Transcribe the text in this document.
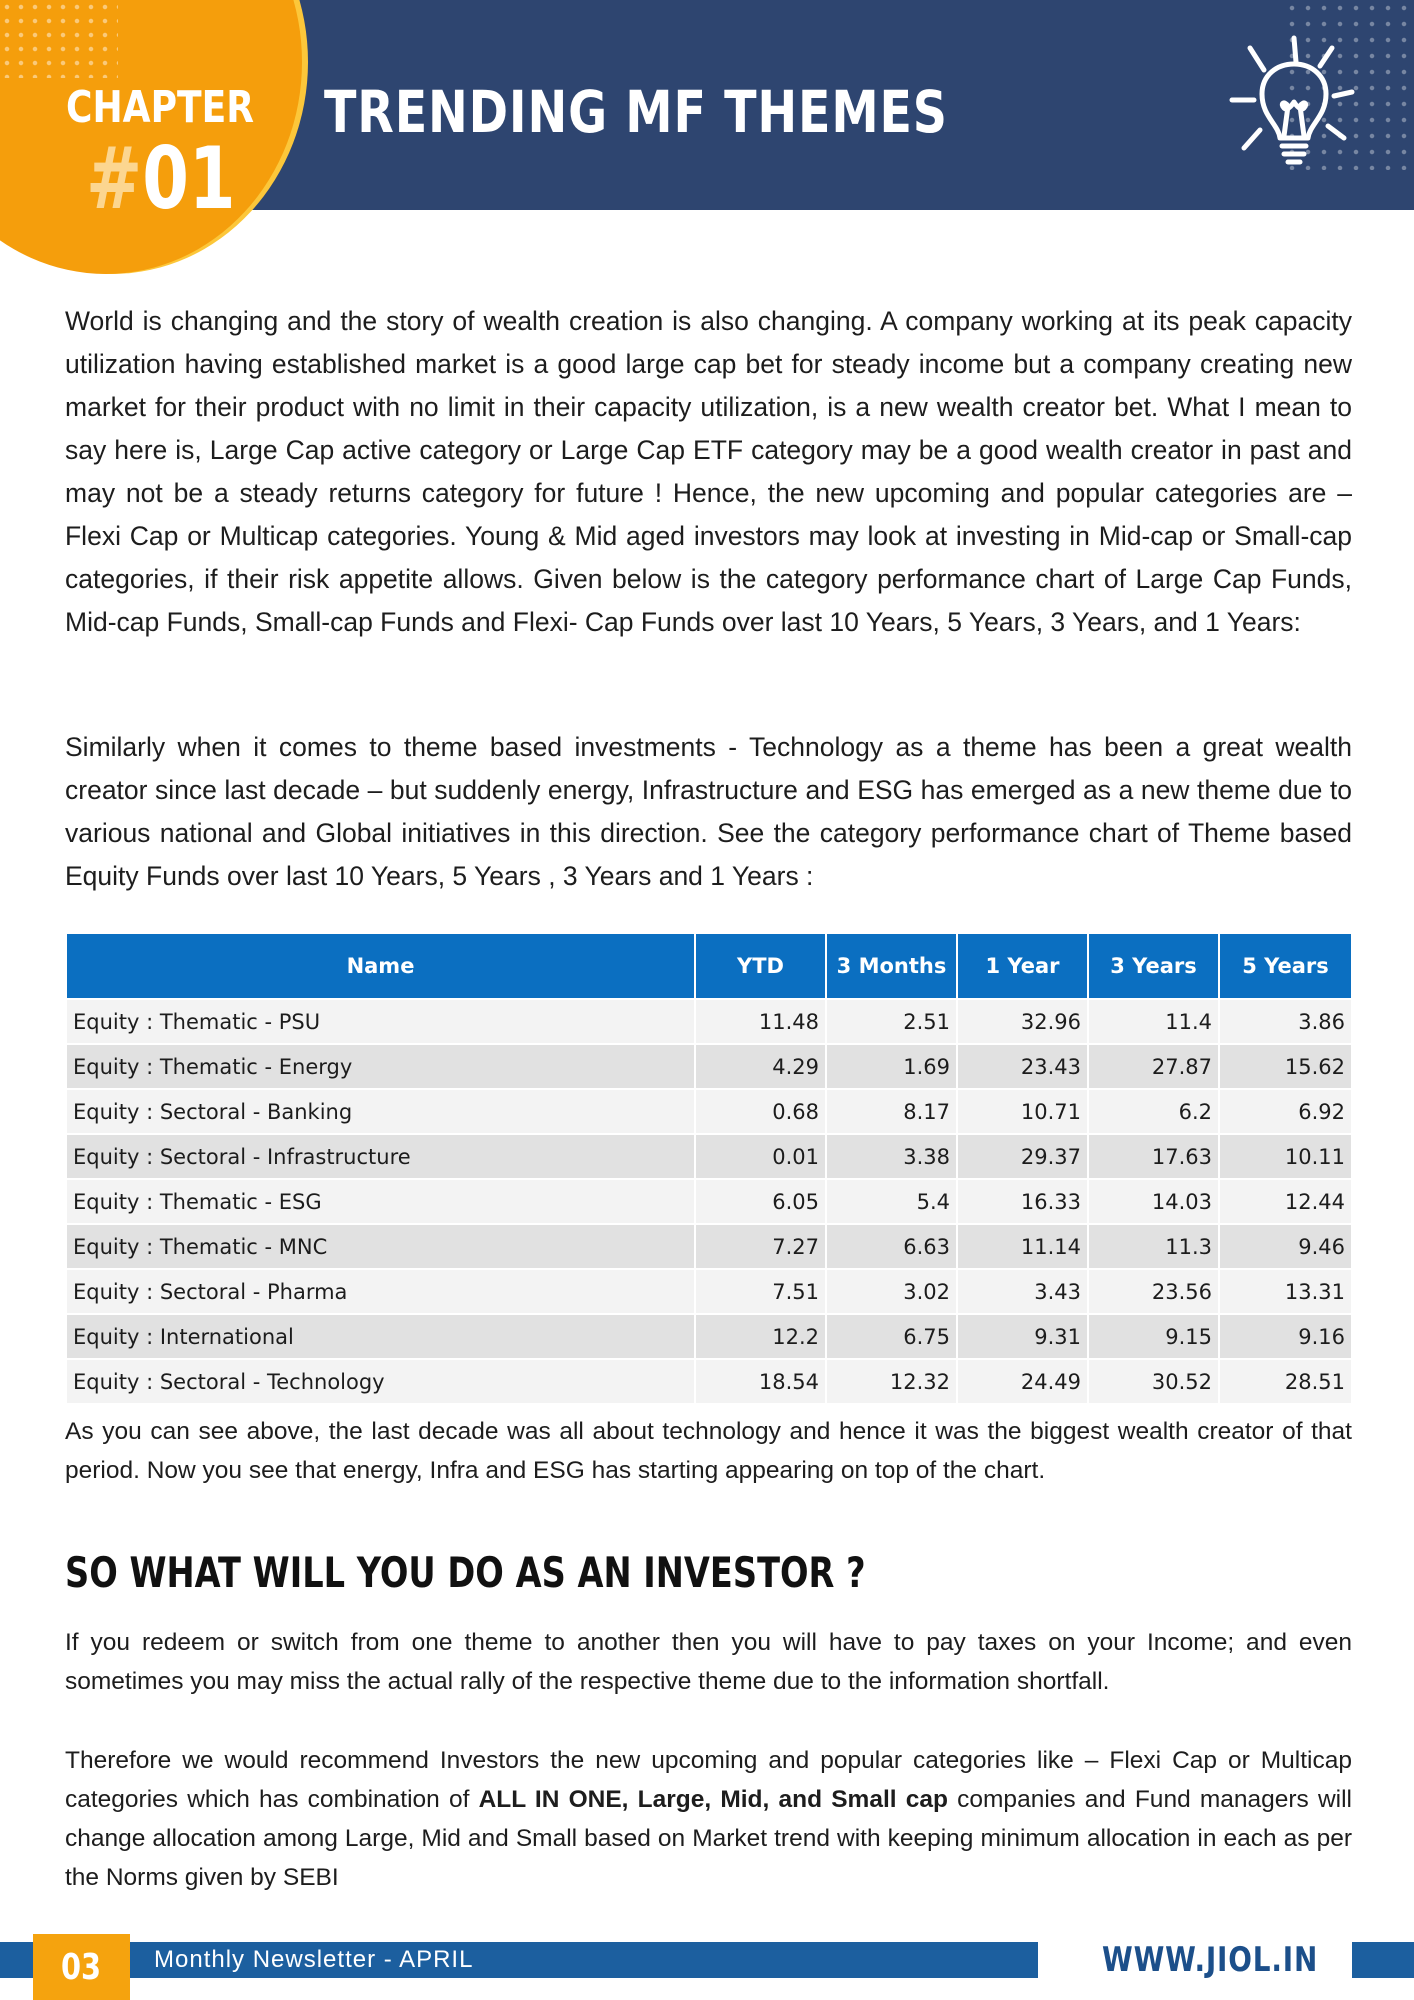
CHAPTER
#01
TRENDING MF THEMES

World is changing and the story of wealth creation is also changing. A company working at its peak capacity utilization having established market is a good large cap bet for steady income but a company creating new market for their product with no limit in their capacity utilization, is a new wealth creator bet. What I mean to say here is, Large Cap active category or Large Cap ETF category may be a good wealth creator in past and may not be a steady returns category for future ! Hence, the new upcoming and popular categories are – Flexi Cap or Multicap categories. Young & Mid aged investors may look at investing in Mid-cap or Small-cap categories, if their risk appetite allows. Given below is the category performance chart of Large Cap Funds, Mid-cap Funds, Small-cap Funds and Flexi- Cap Funds over last 10 Years, 5 Years, 3 Years, and 1 Years:

Similarly when it comes to theme based investments - Technology as a theme has been a great wealth creator since last decade – but suddenly energy, Infrastructure and ESG has emerged as a new theme due to various national and Global initiatives in this direction. See the category performance chart of Theme based Equity Funds over last 10 Years, 5 Years , 3 Years and 1 Years :

Name	YTD	3 Months	1 Year	3 Years	5 Years
Equity : Thematic - PSU	11.48	2.51	32.96	11.4	3.86
Equity : Thematic - Energy	4.29	1.69	23.43	27.87	15.62
Equity : Sectoral - Banking	0.68	8.17	10.71	6.2	6.92
Equity : Sectoral - Infrastructure	0.01	3.38	29.37	17.63	10.11
Equity : Thematic - ESG	6.05	5.4	16.33	14.03	12.44
Equity : Thematic - MNC	7.27	6.63	11.14	11.3	9.46
Equity : Sectoral - Pharma	7.51	3.02	3.43	23.56	13.31
Equity : International	12.2	6.75	9.31	9.15	9.16
Equity : Sectoral - Technology	18.54	12.32	24.49	30.52	28.51

As you can see above, the last decade was all about technology and hence it was the biggest wealth creator of that period. Now you see that energy, Infra and ESG has starting appearing on top of the chart.

SO WHAT WILL YOU DO AS AN INVESTOR ?

If you redeem or switch from one theme to another then you will have to pay taxes on your Income; and even sometimes you may miss the actual rally of the respective theme due to the information shortfall.

Therefore we would recommend Investors the new upcoming and popular categories like – Flexi Cap or Multicap categories which has combination of ALL IN ONE, Large, Mid, and Small cap companies and Fund managers will change allocation among Large, Mid and Small based on Market trend with keeping minimum allocation in each as per the Norms given by SEBI

03 Monthly Newsletter - APRIL	WWW.JIOL.IN
